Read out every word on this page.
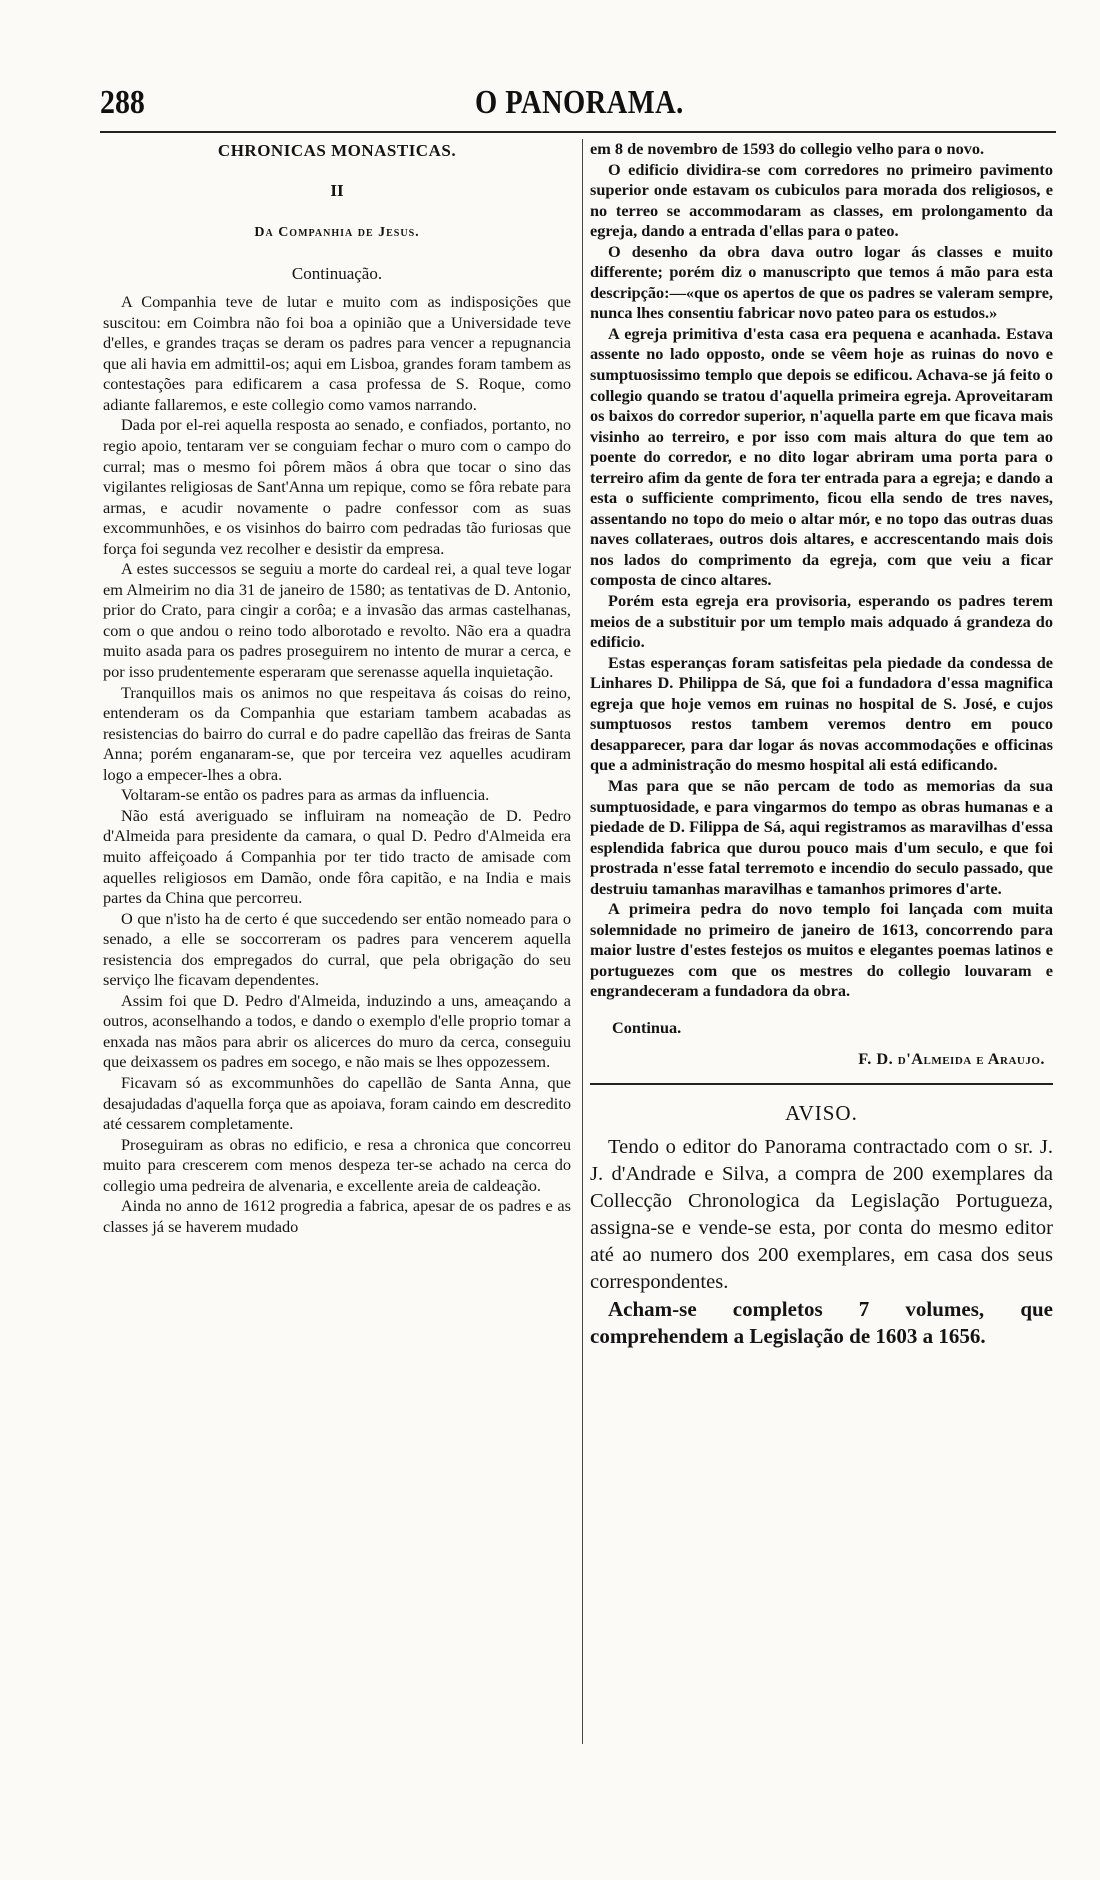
288	O PANORAMA.
CHRONICAS MONASTICAS.
II
Da Companhia de Jesus.
Continuação.

A Companhia teve de lutar e muito com as indisposições que suscitou: em Coimbra não foi boa a opinião que a Universidade teve d'elles, e grandes traças se deram os padres para vencer a repugnancia que ali havia em admittil-os; aqui em Lisboa, grandes foram tambem as contestações para edificarem a casa professa de S. Roque, como adiante fallaremos, e este collegio como vamos narrando.

Dada por el-rei aquella resposta ao senado, e confiados, portanto, no regio apoio, tentaram ver se conguiam fechar o muro com o campo do curral; mas o mesmo foi pôrem mãos á obra que tocar o sino das vigilantes religiosas de Sant'Anna um repique, como se fôra rebate para armas, e acudir novamente o padre confessor com as suas excommunhões, e os visinhos do bairro com pedradas tão furiosas que força foi segunda vez recolher e desistir da empresa.

A estes successos se seguiu a morte do cardeal rei, a qual teve logar em Almeirim no dia 31 de janeiro de 1580; as tentativas de D. Antonio, prior do Crato, para cingir a corôa; e a invasão das armas castelhanas, com o que andou o reino todo alborotado e revolto. Não era a quadra muito asada para os padres proseguirem no intento de murar a cerca, e por isso prudentemente esperaram que serenasse aquella inquietação.

Tranquillos mais os animos no que respeitava ás coisas do reino, entenderam os da Companhia que estariam tambem acabadas as resistencias do bairro do curral e do padre capellão das freiras de Santa Anna; porém enganaram-se, que por terceira vez aquelles acudiram logo a empecer-lhes a obra.

Voltaram-se então os padres para as armas da influencia.

Não está averiguado se influiram na nomeação de D. Pedro d'Almeida para presidente da camara, o qual D. Pedro d'Almeida era muito affeiçoado á Companhia por ter tido tracto de amisade com aquelles religiosos em Damão, onde fôra capitão, e na India e mais partes da China que percorreu.

O que n'isto ha de certo é que succedendo ser então nomeado para o senado, a elle se soccorreram os padres para vencerem aquella resistencia dos empregados do curral, que pela obrigação do seu serviço lhe ficavam dependentes.

Assim foi que D. Pedro d'Almeida, induzindo a uns, ameaçando a outros, aconselhando a todos, e dando o exemplo d'elle proprio tomar a enxada nas mãos para abrir os alicerces do muro da cerca, conseguiu que deixassem os padres em socego, e não mais se lhes oppozessem.

Ficavam só as excommunhões do capellão de Santa Anna, que desajudadas d'aquella força que as apoiava, foram caindo em descredito até cessarem completamente.

Proseguiram as obras no edificio, e resa a chronica que concorreu muito para crescerem com menos despeza ter-se achado na cerca do collegio uma pedreira de alvenaria, e excellente areia de caldeação.

Ainda no anno de 1612 progredia a fabrica, apesar de os padres e as classes já se haverem mudado

em 8 de novembro de 1593 do collegio velho para o novo.

O edificio dividira-se com corredores no primeiro pavimento superior onde estavam os cubiculos para morada dos religiosos, e no terreo se accommodaram as classes, em prolongamento da egreja, dando a entrada d'ellas para o pateo.

O desenho da obra dava outro logar ás classes e muito differente; porém diz o manuscripto que temos á mão para esta descripção:—«que os apertos de que os padres se valeram sempre, nunca lhes consentiu fabricar novo pateo para os estudos.»

A egreja primitiva d'esta casa era pequena e acanhada. Estava assente no lado opposto, onde se vêem hoje as ruinas do novo e sumptuosissimo templo que depois se edificou. Achava-se já feito o collegio quando se tratou d'aquella primeira egreja. Aproveitaram os baixos do corredor superior, n'aquella parte em que ficava mais visinho ao terreiro, e por isso com mais altura do que tem ao poente do corredor, e no dito logar abriram uma porta para o terreiro afim da gente de fora ter entrada para a egreja; e dando a esta o sufficiente comprimento, ficou ella sendo de tres naves, assentando no topo do meio o altar mór, e no topo das outras duas naves collateraes, outros dois altares, e accrescentando mais dois nos lados do comprimento da egreja, com que veiu a ficar composta de cinco altares.

Porém esta egreja era provisoria, esperando os padres terem meios de a substituir por um templo mais adquado á grandeza do edificio.

Estas esperanças foram satisfeitas pela piedade da condessa de Linhares D. Philippa de Sá, que foi a fundadora d'essa magnifica egreja que hoje vemos em ruinas no hospital de S. José, e cujos sumptuosos restos tambem veremos dentro em pouco desapparecer, para dar logar ás novas accommodações e officinas que a administração do mesmo hospital ali está edificando.

Mas para que se não percam de todo as memorias da sua sumptuosidade, e para vingarmos do tempo as obras humanas e a piedade de D. Filippa de Sá, aqui registramos as maravilhas d'essa esplendida fabrica que durou pouco mais d'um seculo, e que foi prostrada n'esse fatal terremoto e incendio do seculo passado, que destruiu tamanhas maravilhas e tamanhos primores d'arte.

A primeira pedra do novo templo foi lançada com muita solemnidade no primeiro de janeiro de 1613, concorrendo para maior lustre d'estes festejos os muitos e elegantes poemas latinos e portuguezes com que os mestres do collegio louvaram e engrandeceram a fundadora da obra.

Continua.

F. D. d'Almeida e Araujo.

AVISO.

Tendo o editor do Panorama contractado com o sr. J. J. d'Andrade e Silva, a compra de 200 exemplares da Collecção Chronologica da Legislação Portugueza, assigna-se e vende-se esta, por conta do mesmo editor até ao numero dos 200 exemplares, em casa dos seus correspondentes.

Acham-se completos 7 volumes, que comprehendem a Legislação de 1603 a 1656.
